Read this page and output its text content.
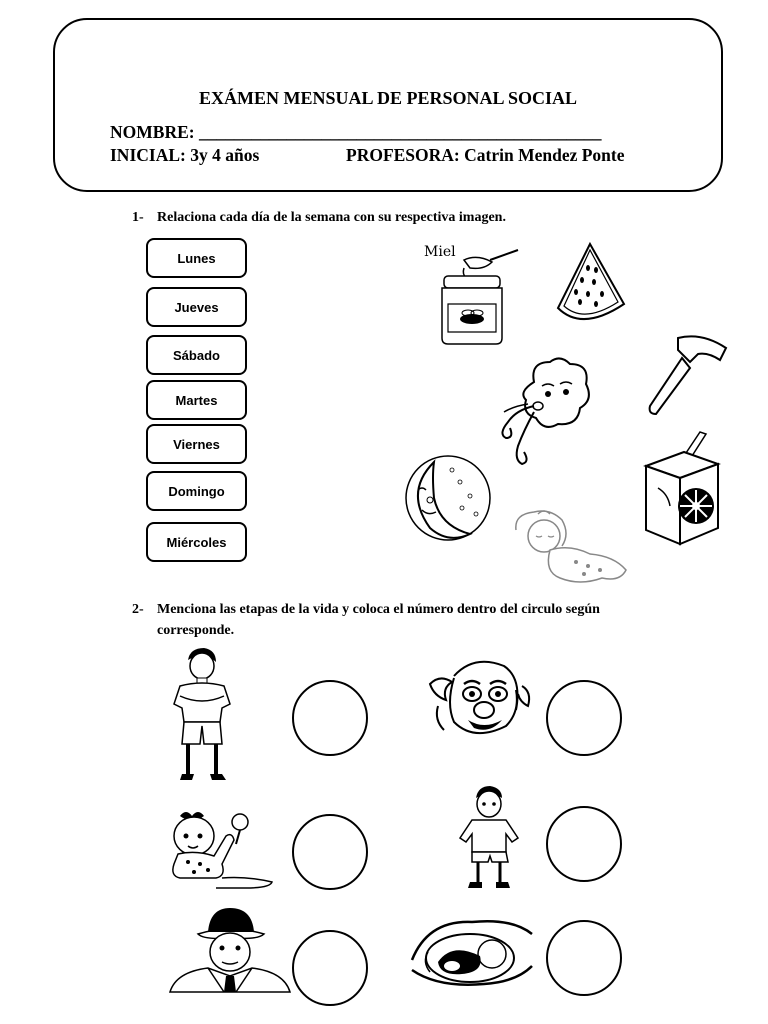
EXÁMEN MENSUAL DE PERSONAL SOCIAL
NOMBRE: ______________________________________________
INICIAL: 3y 4 años	PROFESORA: Catrin Mendez Ponte
1- Relaciona cada día de la semana con su respectiva imagen.
Lunes
Jueves
Sábado
Martes
Viernes
Domingo
Miércoles
Miel
2- Menciona las etapas de la vida y coloca el número dentro del circulo según
corresponde.
